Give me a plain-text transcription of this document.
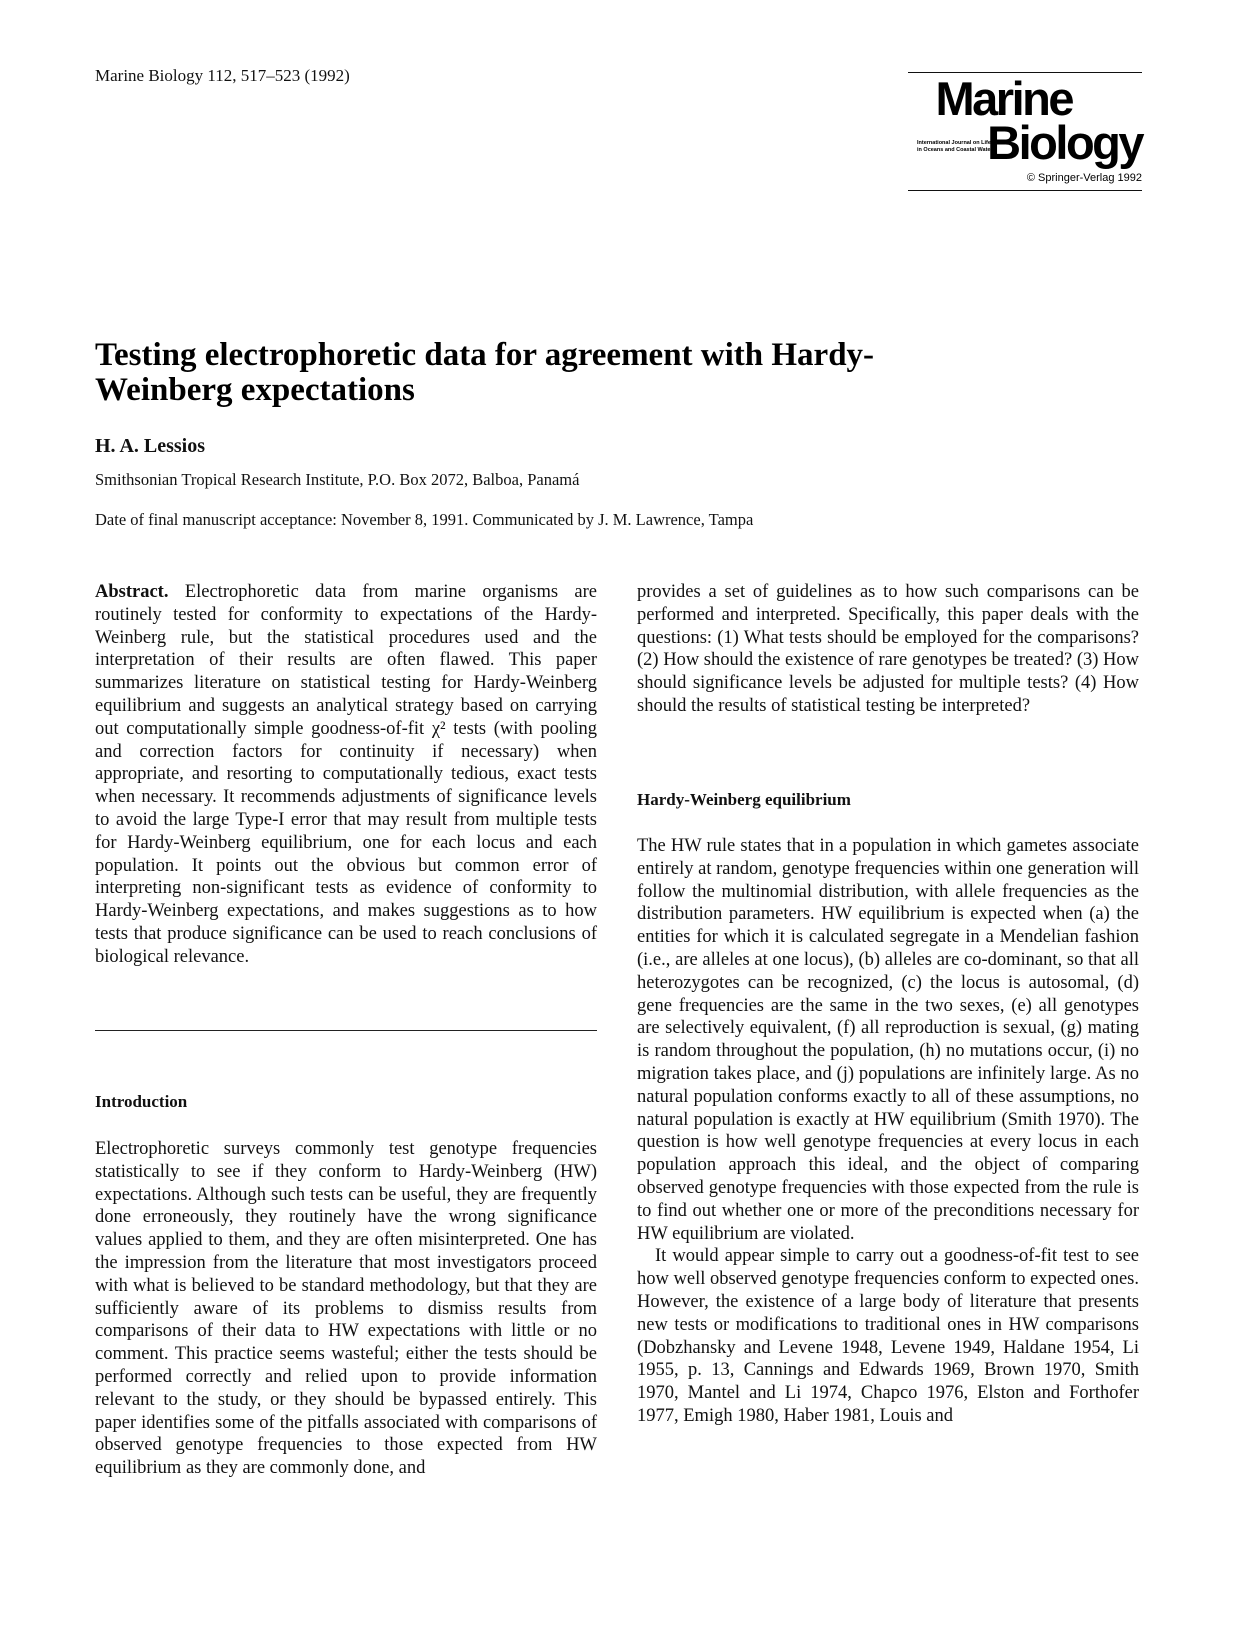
Marine Biology 112, 517–523 (1992)	Marine
International Journal on Life in Oceans and Coastal Waters
Biology
© Springer-Verlag 1992
Testing electrophoretic data for agreement with Hardy-Weinberg expectations
H. A. Lessios
Smithsonian Tropical Research Institute, P.O. Box 2072, Balboa, Panamá
Date of final manuscript acceptance: November 8, 1991. Communicated by J. M. Lawrence, Tampa

Abstract. Electrophoretic data from marine organisms are routinely tested for conformity to expectations of the Hardy-Weinberg rule, but the statistical procedures used and the interpretation of their results are often flawed. This paper summarizes literature on statistical testing for Hardy-Weinberg equilibrium and suggests an analytical strategy based on carrying out computationally simple goodness-of-fit χ² tests (with pooling and correction factors for continuity if necessary) when appropriate, and resorting to computationally tedious, exact tests when necessary. It recommends adjustments of significance levels to avoid the large Type-I error that may result from multiple tests for Hardy-Weinberg equilibrium, one for each locus and each population. It points out the obvious but common error of interpreting non-significant tests as evidence of conformity to Hardy-Weinberg expectations, and makes suggestions as to how tests that produce significance can be used to reach conclusions of biological relevance.

Introduction

Electrophoretic surveys commonly test genotype frequencies statistically to see if they conform to Hardy-Weinberg (HW) expectations. Although such tests can be useful, they are frequently done erroneously, they routinely have the wrong significance values applied to them, and they are often misinterpreted. One has the impression from the literature that most investigators proceed with what is believed to be standard methodology, but that they are sufficiently aware of its problems to dismiss results from comparisons of their data to HW expectations with little or no comment. This practice seems wasteful; either the tests should be performed correctly and relied upon to provide information relevant to the study, or they should be bypassed entirely. This paper identifies some of the pitfalls associated with comparisons of observed genotype frequencies to those expected from HW equilibrium as they are commonly done, and

provides a set of guidelines as to how such comparisons can be performed and interpreted. Specifically, this paper deals with the questions: (1) What tests should be employed for the comparisons? (2) How should the existence of rare genotypes be treated? (3) How should significance levels be adjusted for multiple tests? (4) How should the results of statistical testing be interpreted?

Hardy-Weinberg equilibrium

The HW rule states that in a population in which gametes associate entirely at random, genotype frequencies within one generation will follow the multinomial distribution, with allele frequencies as the distribution parameters. HW equilibrium is expected when (a) the entities for which it is calculated segregate in a Mendelian fashion (i.e., are alleles at one locus), (b) alleles are co-dominant, so that all heterozygotes can be recognized, (c) the locus is autosomal, (d) gene frequencies are the same in the two sexes, (e) all genotypes are selectively equivalent, (f) all reproduction is sexual, (g) mating is random throughout the population, (h) no mutations occur, (i) no migration takes place, and (j) populations are infinitely large. As no natural population conforms exactly to all of these assumptions, no natural population is exactly at HW equilibrium (Smith 1970). The question is how well genotype frequencies at every locus in each population approach this ideal, and the object of comparing observed genotype frequencies with those expected from the rule is to find out whether one or more of the preconditions necessary for HW equilibrium are violated.

It would appear simple to carry out a goodness-of-fit test to see how well observed genotype frequencies conform to expected ones. However, the existence of a large body of literature that presents new tests or modifications to traditional ones in HW comparisons (Dobzhansky and Levene 1948, Levene 1949, Haldane 1954, Li 1955, p. 13, Cannings and Edwards 1969, Brown 1970, Smith 1970, Mantel and Li 1974, Chapco 1976, Elston and Forthofer 1977, Emigh 1980, Haber 1981, Louis and
